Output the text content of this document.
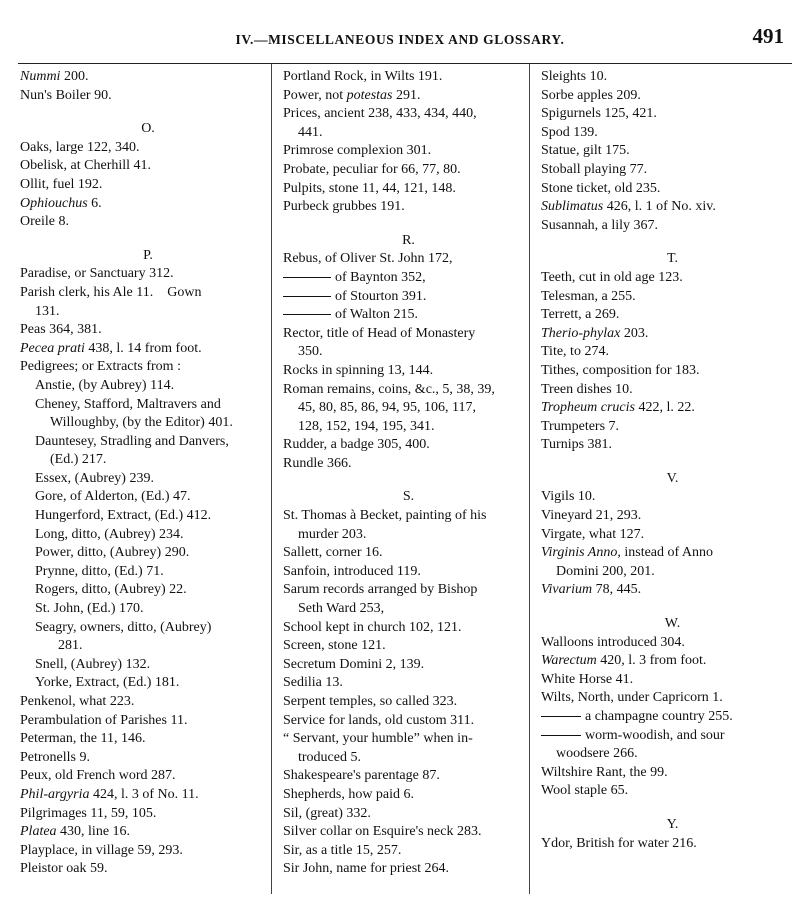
IV.—MISCELLANEOUS INDEX AND GLOSSARY.	491
Nummi 200.
Nun's Boiler 90.
O.
Oaks, large 122, 340.
Obelisk, at Cherhill 41.
Ollit, fuel 192.
Ophiouchus 6.
Oreile 8.
P.
Paradise, or Sanctuary 312.
Parish clerk, his Ale 11.    Gown
131.
Peas 364, 381.
Pecea prati 438, l. 14 from foot.
Pedigrees; or Extracts from :
Anstie, (by Aubrey) 114.
Cheney, Stafford, Maltravers and
Willoughby, (by the Editor) 401.
Dauntesey, Stradling and Danvers,
(Ed.) 217.
Essex, (Aubrey) 239.
Gore, of Alderton, (Ed.) 47.
Hungerford, Extract, (Ed.) 412.
Long, ditto, (Aubrey) 234.
Power, ditto, (Aubrey) 290.
Prynne, ditto, (Ed.) 71.
Rogers, ditto, (Aubrey) 22.
St. John, (Ed.) 170.
Seagry, owners, ditto, (Aubrey)
281.
Snell, (Aubrey) 132.
Yorke, Extract, (Ed.) 181.
Penkenol, what 223.
Perambulation of Parishes 11.
Peterman, the 11, 146.
Petronells 9.
Peux, old French word 287.
Phil-argyria 424, l. 3 of No. 11.
Pilgrimages 11, 59, 105.
Platea 430, line 16.
Playplace, in village 59, 293.
Pleistor oak 59.
Portland Rock, in Wilts 191.
Power, not potestas 291.
Prices, ancient 238, 433, 434, 440,
441.
Primrose complexion 301.
Probate, peculiar for 66, 77, 80.
Pulpits, stone 11, 44, 121, 148.
Purbeck grubbes 191.
R.
Rebus, of Oliver St. John 172,
of Baynton 352,
of Stourton 391.
of Walton 215.
Rector, title of Head of Monastery
350.
Rocks in spinning 13, 144.
Roman remains, coins, &c., 5, 38, 39,
45, 80, 85, 86, 94, 95, 106, 117,
128, 152, 194, 195, 341.
Rudder, a badge 305, 400.
Rundle 366.
S.
St. Thomas à Becket, painting of his
murder 203.
Sallett, corner 16.
Sanfoin, introduced 119.
Sarum records arranged by Bishop
Seth Ward 253,
School kept in church 102, 121.
Screen, stone 121.
Secretum Domini 2, 139.
Sedilia 13.
Serpent temples, so called 323.
Service for lands, old custom 311.
“ Servant, your humble” when in-
troduced 5.
Shakespeare's parentage 87.
Shepherds, how paid 6.
Sil, (great) 332.
Silver collar on Esquire's neck 283.
Sir, as a title 15, 257.
Sir John, name for priest 264.
Sleights 10.
Sorbe apples 209.
Spigurnels 125, 421.
Spod 139.
Statue, gilt 175.
Stoball playing 77.
Stone ticket, old 235.
Sublimatus 426, l. 1 of No. xiv.
Susannah, a lily 367.
T.
Teeth, cut in old age 123.
Telesman, a 255.
Terrett, a 269.
Therio-phylax 203.
Tite, to 274.
Tithes, composition for 183.
Treen dishes 10.
Tropheum crucis 422, l. 22.
Trumpeters 7.
Turnips 381.
V.
Vigils 10.
Vineyard 21, 293.
Virgate, what 127.
Virginis Anno, instead of Anno
Domini 200, 201.
Vivarium 78, 445.
W.
Walloons introduced 304.
Warectum 420, l. 3 from foot.
White Horse 41.
Wilts, North, under Capricorn 1.
a champagne country 255.
worm-woodish, and sour
woodsere 266.
Wiltshire Rant, the 99.
Wool staple 65.
Y.
Ydor, British for water 216.
